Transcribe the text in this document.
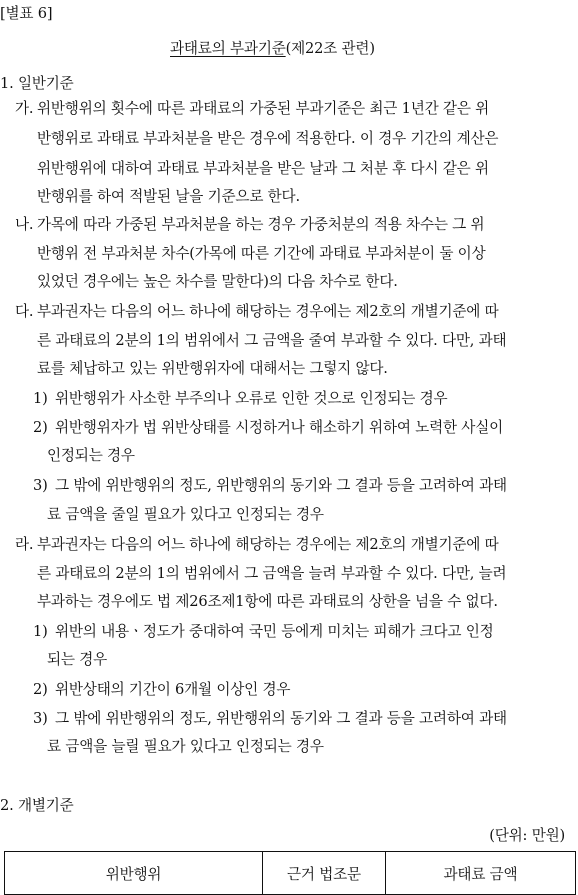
[별표 6]
과태료의 부과기준(제22조 관련)
1. 일반기준
가. 위반행위의 횟수에 따른 과태료의 가중된 부과기준은 최근 1년간 같은 위
반행위로 과태료 부과처분을 받은 경우에 적용한다. 이 경우 기간의 계산은
위반행위에 대하여 과태료 부과처분을 받은 날과 그 처분 후 다시 같은 위
반행위를 하여 적발된 날을 기준으로 한다.
나. 가목에 따라 가중된 부과처분을 하는 경우 가중처분의 적용 차수는 그 위
반행위 전 부과처분 차수(가목에 따른 기간에 과태료 부과처분이 둘 이상
있었던 경우에는 높은 차수를 말한다)의 다음 차수로 한다.
다. 부과권자는 다음의 어느 하나에 해당하는 경우에는 제2호의 개별기준에 따
른 과태료의 2분의 1의 범위에서 그 금액을 줄여 부과할 수 있다. 다만, 과태
료를 체납하고 있는 위반행위자에 대해서는 그렇지 않다.
1) 위반행위가 사소한 부주의나 오류로 인한 것으로 인정되는 경우
2) 위반행위자가 법 위반상태를 시정하거나 해소하기 위하여 노력한 사실이
인정되는 경우
3) 그 밖에 위반행위의 정도, 위반행위의 동기와 그 결과 등을 고려하여 과태
료 금액을 줄일 필요가 있다고 인정되는 경우
라. 부과권자는 다음의 어느 하나에 해당하는 경우에는 제2호의 개별기준에 따
른 과태료의 2분의 1의 범위에서 그 금액을 늘려 부과할 수 있다. 다만, 늘려
부과하는 경우에도 법 제26조제1항에 따른 과태료의 상한을 넘을 수 없다.
1) 위반의 내용ㆍ정도가 중대하여 국민 등에게 미치는 피해가 크다고 인정
되는 경우
2) 위반상태의 기간이 6개월 이상인 경우
3) 그 밖에 위반행위의 정도, 위반행위의 동기와 그 결과 등을 고려하여 과태
료 금액을 늘릴 필요가 있다고 인정되는 경우
2. 개별기준
(단위: 만원)
위반행위	근거 법조문	과태료 금액
